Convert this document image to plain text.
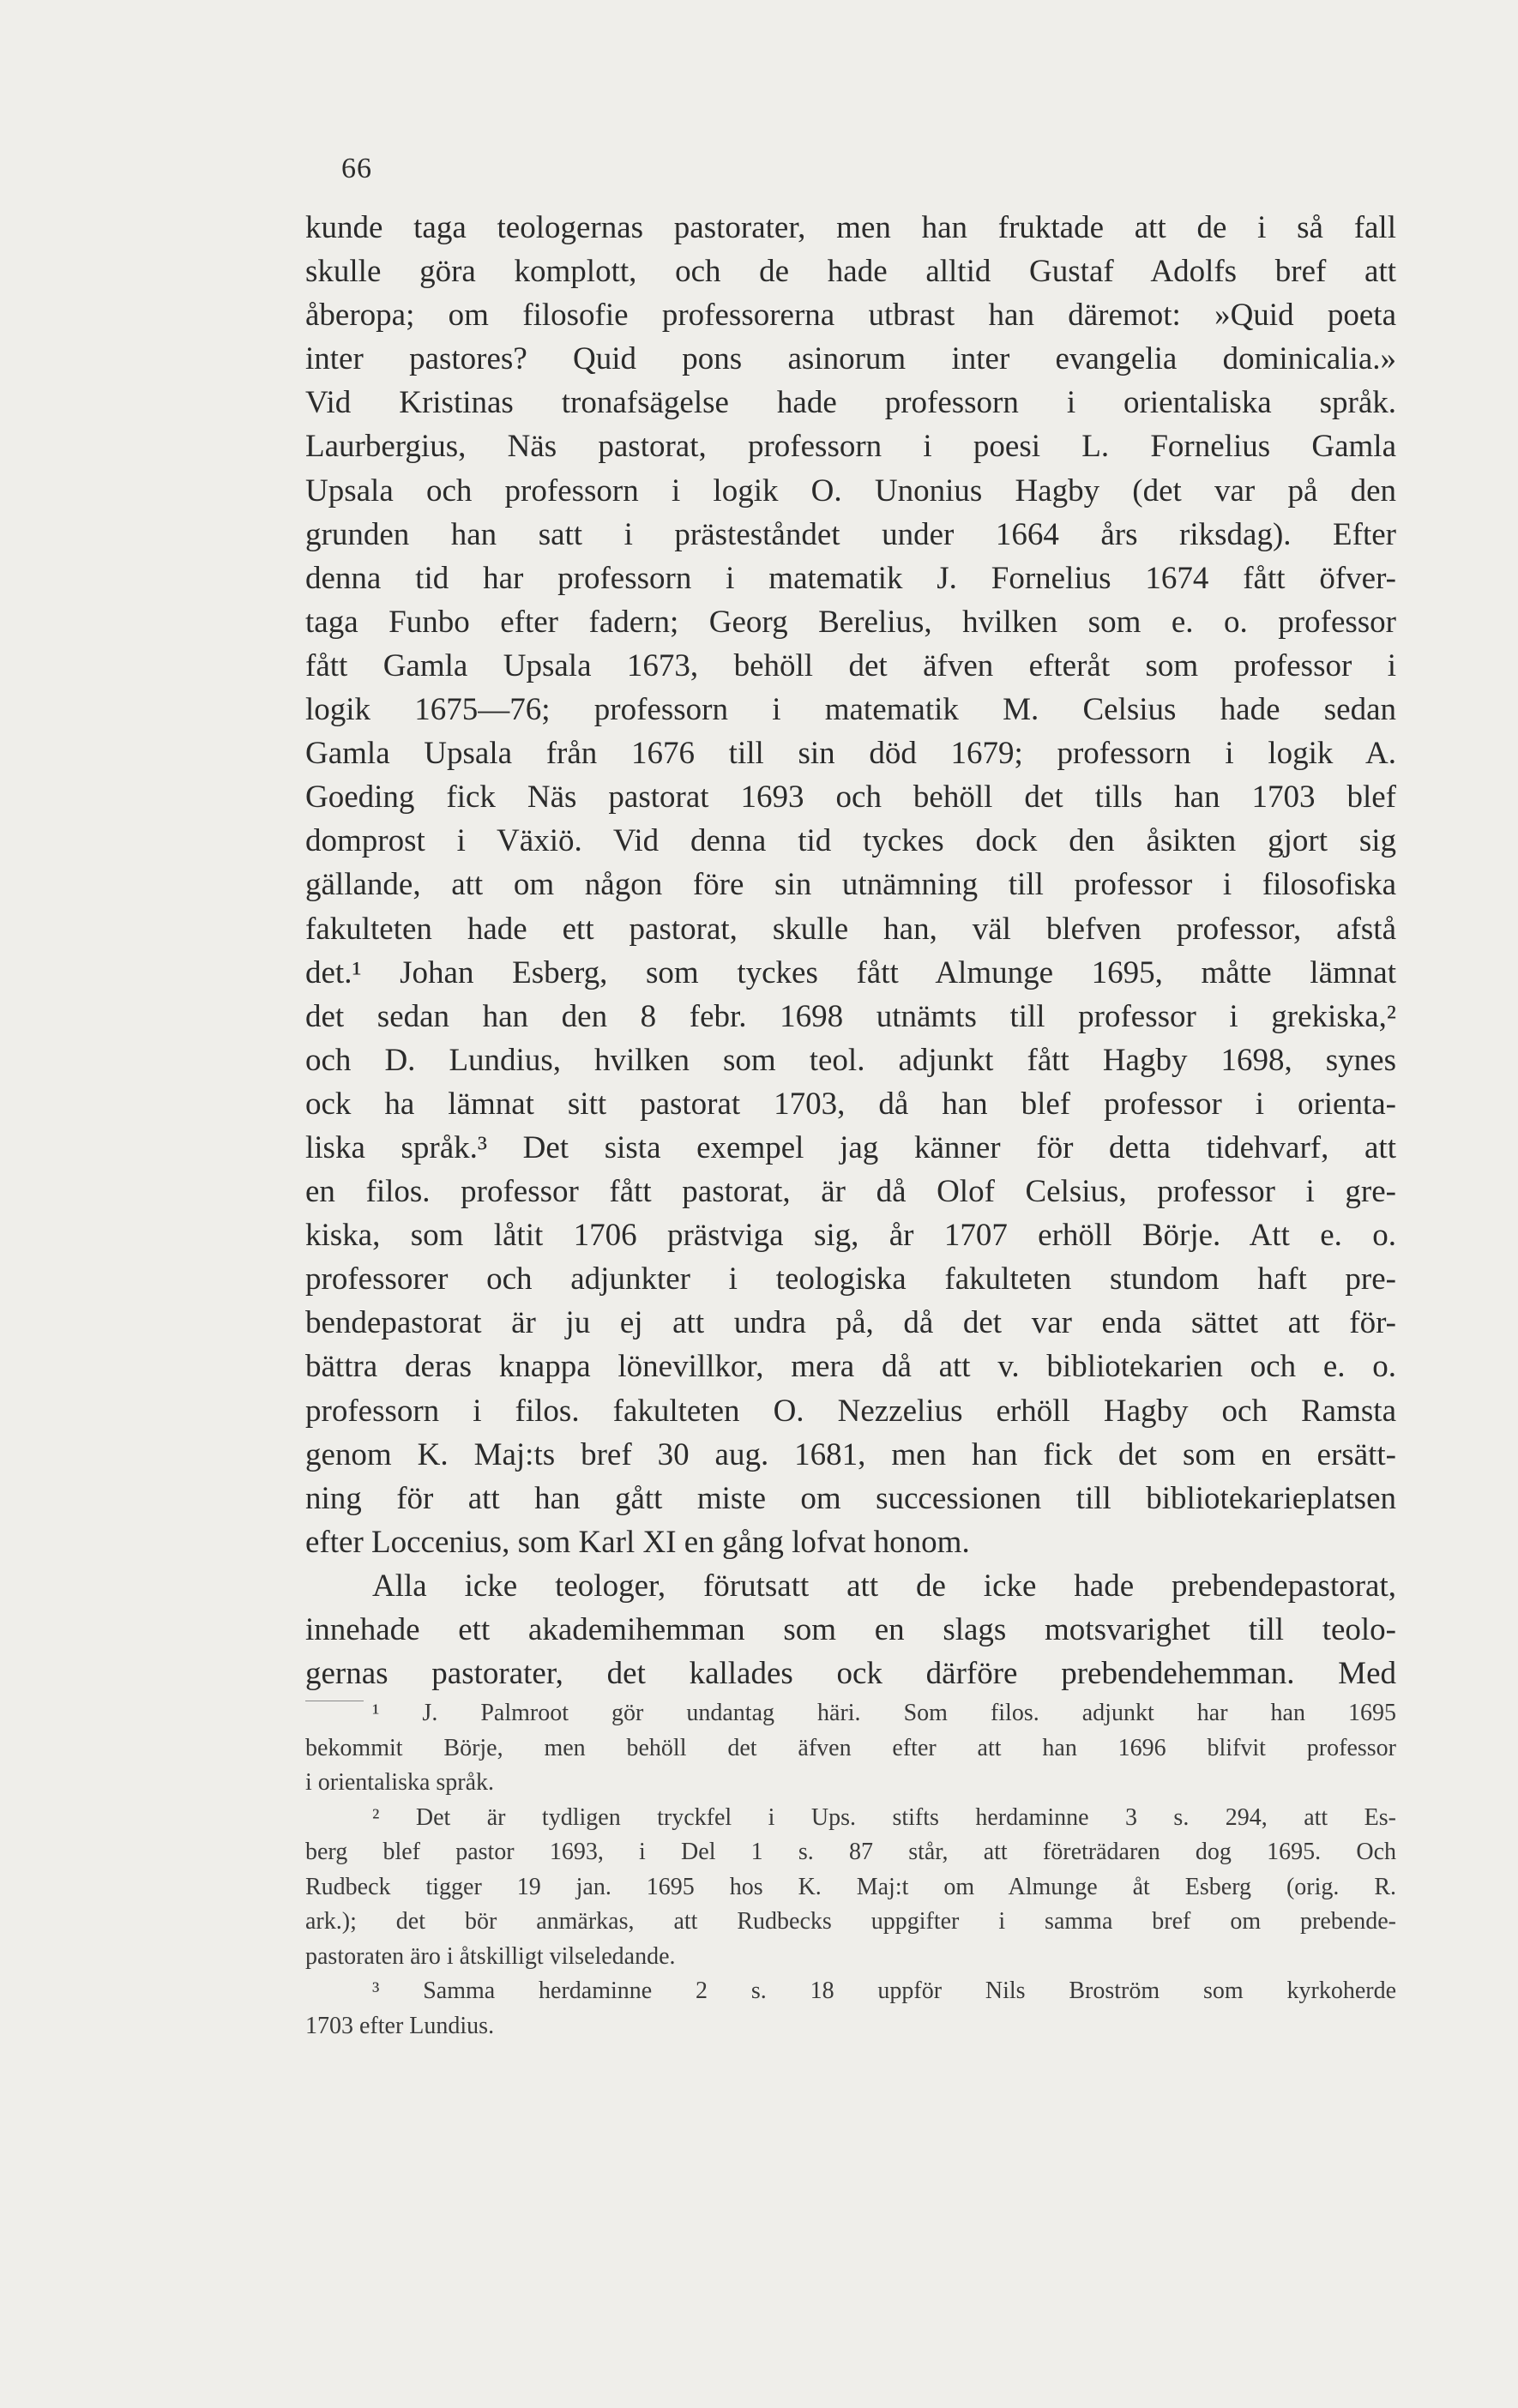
66
kunde taga teologernas pastorater, men han fruktade att de i så fall
skulle göra komplott, och de hade alltid Gustaf Adolfs bref att
åberopa; om filosofie professorerna utbrast han däremot: »Quid poeta
inter pastores? Quid pons asinorum inter evangelia dominicalia.»
Vid Kristinas tronafsägelse hade professorn i orientaliska språk.
Laurbergius, Näs pastorat, professorn i poesi L. Fornelius Gamla
Upsala och professorn i logik O. Unonius Hagby (det var på den
grunden han satt i prästeståndet under 1664 års riksdag). Efter
denna tid har professorn i matematik J. Fornelius 1674 fått öfver-
taga Funbo efter fadern; Georg Berelius, hvilken som e. o. professor
fått Gamla Upsala 1673, behöll det äfven efteråt som professor i
logik 1675—76; professorn i matematik M. Celsius hade sedan
Gamla Upsala från 1676 till sin död 1679; professorn i logik A.
Goeding fick Näs pastorat 1693 och behöll det tills han 1703 blef
domprost i Växiö. Vid denna tid tyckes dock den åsikten gjort sig
gällande, att om någon före sin utnämning till professor i filosofiska
fakulteten hade ett pastorat, skulle han, väl blefven professor, afstå
det.¹ Johan Esberg, som tyckes fått Almunge 1695, måtte lämnat
det sedan han den 8 febr. 1698 utnämts till professor i grekiska,²
och D. Lundius, hvilken som teol. adjunkt fått Hagby 1698, synes
ock ha lämnat sitt pastorat 1703, då han blef professor i orienta-
liska språk.³ Det sista exempel jag känner för detta tidehvarf, att
en filos. professor fått pastorat, är då Olof Celsius, professor i gre-
kiska, som låtit 1706 prästviga sig, år 1707 erhöll Börje. Att e. o.
professorer och adjunkter i teologiska fakulteten stundom haft pre-
bendepastorat är ju ej att undra på, då det var enda sättet att för-
bättra deras knappa lönevillkor, mera då att v. bibliotekarien och e. o.
professorn i filos. fakulteten O. Nezzelius erhöll Hagby och Ramsta
genom K. Maj:ts bref 30 aug. 1681, men han fick det som en ersätt-
ning för att han gått miste om successionen till bibliotekarieplatsen
efter Loccenius, som Karl XI en gång lofvat honom.
Alla icke teologer, förutsatt att de icke hade prebendepastorat,
innehade ett akademihemman som en slags motsvarighet till teolo-
gernas pastorater, det kallades ock därföre prebendehemman. Med
¹ J. Palmroot gör undantag häri. Som filos. adjunkt har han 1695
bekommit Börje, men behöll det äfven efter att han 1696 blifvit professor
i orientaliska språk.
² Det är tydligen tryckfel i Ups. stifts herdaminne 3 s. 294, att Es-
berg blef pastor 1693, i Del 1 s. 87 står, att företrädaren dog 1695. Och
Rudbeck tigger 19 jan. 1695 hos K. Maj:t om Almunge åt Esberg (orig. R.
ark.); det bör anmärkas, att Rudbecks uppgifter i samma bref om prebende-
pastoraten äro i åtskilligt vilseledande.
³ Samma herdaminne 2 s. 18 uppför Nils Broström som kyrkoherde
1703 efter Lundius.
